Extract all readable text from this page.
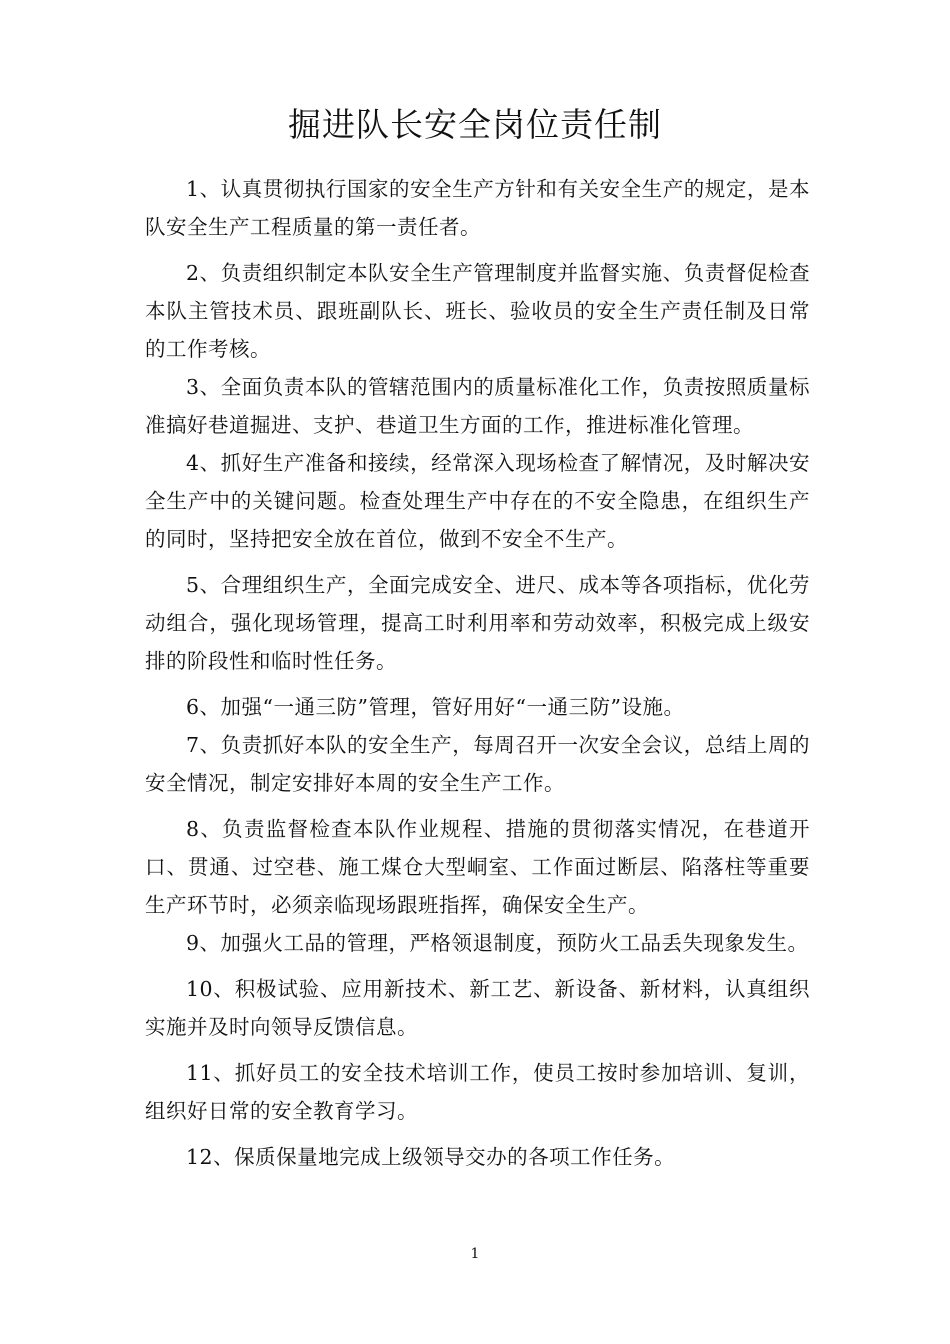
掘进队长安全岗位责任制

1、认真贯彻执行国家的安全生产方针和有关安全生产的规定，是本队安全生产工程质量的第一责任者。

2、负责组织制定本队安全生产管理制度并监督实施、负责督促检查本队主管技术员、跟班副队长、班长、验收员的安全生产责任制及日常的工作考核。

3、全面负责本队的管辖范围内的质量标准化工作，负责按照质量标准搞好巷道掘进、支护、巷道卫生方面的工作，推进标准化管理。

4、抓好生产准备和接续，经常深入现场检查了解情况，及时解决安全生产中的关键问题。检查处理生产中存在的不安全隐患，在组织生产的同时，坚持把安全放在首位，做到不安全不生产。

5、合理组织生产，全面完成安全、进尺、成本等各项指标，优化劳动组合，强化现场管理，提高工时利用率和劳动效率，积极完成上级安排的阶段性和临时性任务。

6、加强“一通三防”管理，管好用好“一通三防”设施。

7、负责抓好本队的安全生产，每周召开一次安全会议，总结上周的安全情况，制定安排好本周的安全生产工作。

8、负责监督检查本队作业规程、措施的贯彻落实情况，在巷道开口、贯通、过空巷、施工煤仓大型峒室、工作面过断层、陷落柱等重要生产环节时，必须亲临现场跟班指挥，确保安全生产。

9、加强火工品的管理，严格领退制度，预防火工品丢失现象发生。

10、积极试验、应用新技术、新工艺、新设备、新材料，认真组织实施并及时向领导反馈信息。

11、抓好员工的安全技术培训工作，使员工按时参加培训、复训，组织好日常的安全教育学习。

12、保质保量地完成上级领导交办的各项工作任务。

1
